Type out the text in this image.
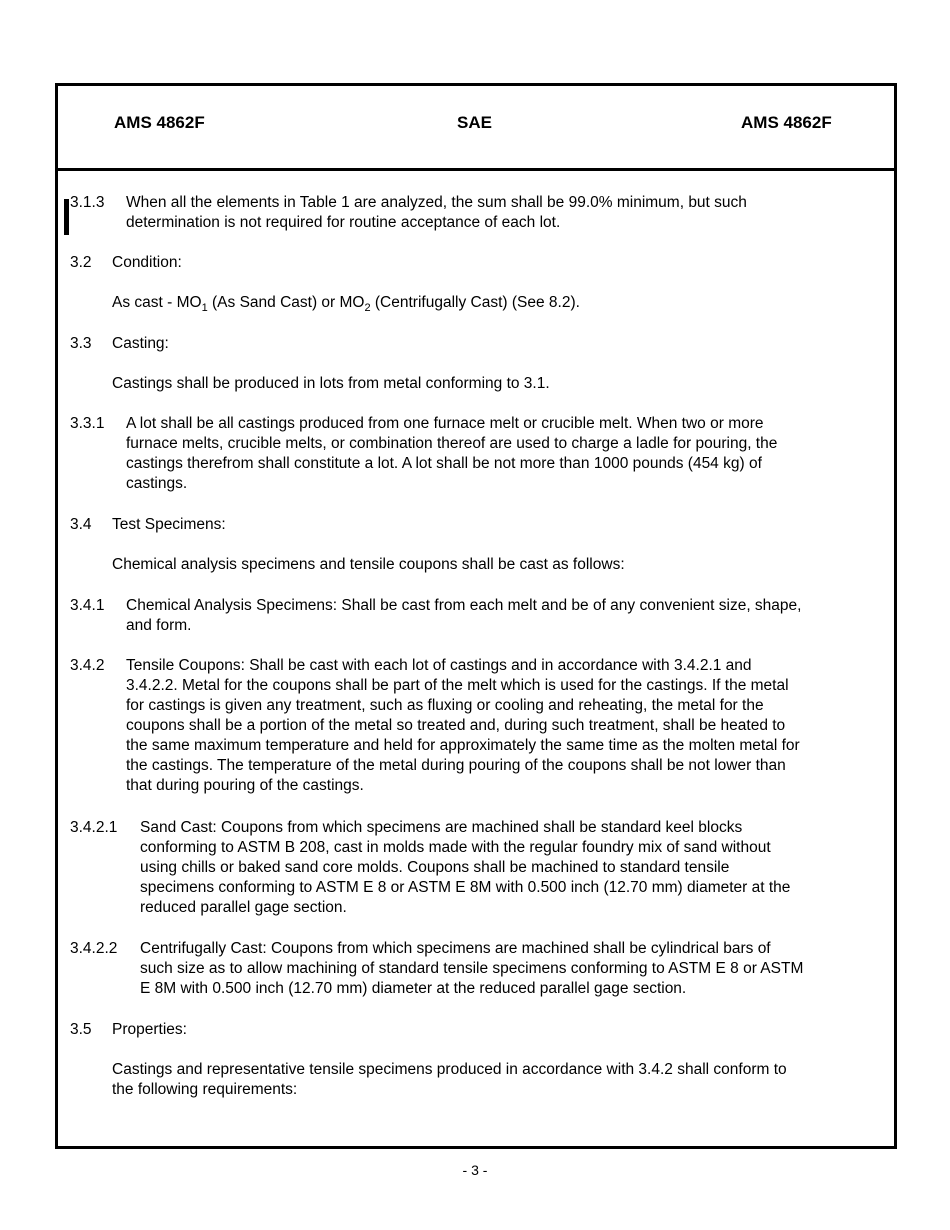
AMS 4862F	SAE	AMS 4862F
3.1.3 When all the elements in Table 1 are analyzed, the sum shall be 99.0% minimum, but such
determination is not required for routine acceptance of each lot.
3.2 Condition:
As cast - $MO_1$ (As Sand Cast) or $MO_2$ (Centrifugally Cast) (See 8.2).
3.3 Casting:
Castings shall be produced in lots from metal conforming to 3.1.
3.3.1 A lot shall be all castings produced from one furnace melt or crucible melt. When two or more
furnace melts, crucible melts, or combination thereof are used to charge a ladle for pouring, the
castings therefrom shall constitute a lot. A lot shall be not more than 1000 pounds (454 kg) of
castings.
3.4 Test Specimens:
Chemical analysis specimens and tensile coupons shall be cast as follows:
3.4.1 Chemical Analysis Specimens: Shall be cast from each melt and be of any convenient size, shape,
and form.
3.4.2 Tensile Coupons: Shall be cast with each lot of castings and in accordance with 3.4.2.1 and
3.4.2.2. Metal for the coupons shall be part of the melt which is used for the castings. If the metal
for castings is given any treatment, such as fluxing or cooling and reheating, the metal for the
coupons shall be a portion of the metal so treated and, during such treatment, shall be heated to
the same maximum temperature and held for approximately the same time as the molten metal for
the castings. The temperature of the metal during pouring of the coupons shall be not lower than
that during pouring of the castings.
3.4.2.1 Sand Cast: Coupons from which specimens are machined shall be standard keel blocks
conforming to ASTM B 208, cast in molds made with the regular foundry mix of sand without
using chills or baked sand core molds. Coupons shall be machined to standard tensile
specimens conforming to ASTM E 8 or ASTM E 8M with 0.500 inch (12.70 mm) diameter at the
reduced parallel gage section.
3.4.2.2 Centrifugally Cast: Coupons from which specimens are machined shall be cylindrical bars of
such size as to allow machining of standard tensile specimens conforming to ASTM E 8 or ASTM
E 8M with 0.500 inch (12.70 mm) diameter at the reduced parallel gage section.
3.5 Properties:
Castings and representative tensile specimens produced in accordance with 3.4.2 shall conform to
the following requirements:
- 3 -
